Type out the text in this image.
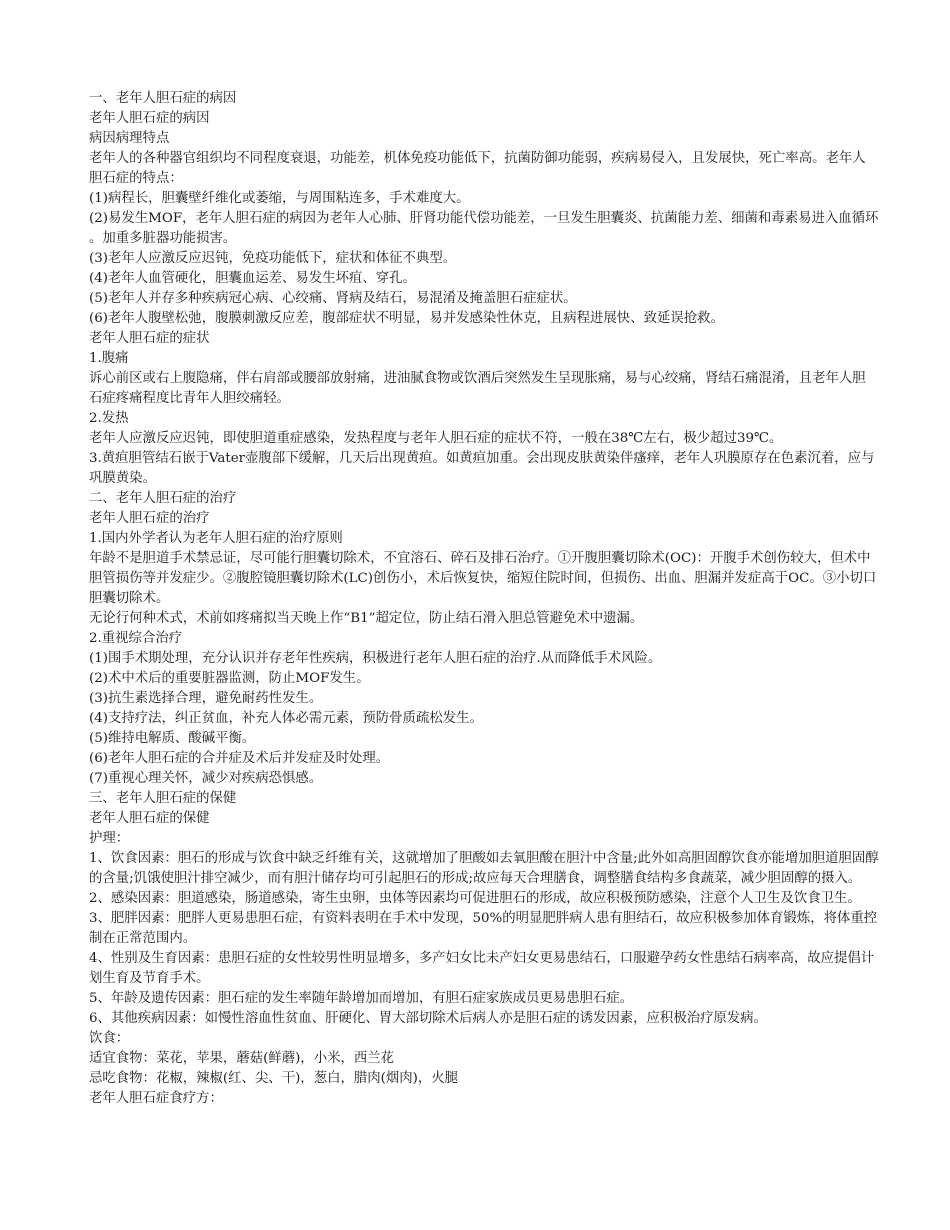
一、老年人胆石症的病因

老年人胆石症的病因

病因病理特点

老年人的各种器官组织均不同程度衰退，功能差，机体免疫功能低下，抗菌防御功能弱，疾病易侵入，且发展快，死亡率高。老年人胆石症的特点：

(1)病程长，胆囊壁纤维化或萎缩，与周围粘连多，手术难度大。

(2)易发生MOF，老年人胆石症的病因为老年人心肺、肝肾功能代偿功能差，一旦发生胆囊炎、抗菌能力差、细菌和毒素易进入血循环。加重多脏器功能损害。

(3)老年人应激反应迟钝，免疫功能低下，症状和体征不典型。

(4)老年人血管硬化，胆囊血运差、易发生坏疽、穿孔。

(5)老年人并存多种疾病冠心病、心绞痛、肾病及结石，易混淆及掩盖胆石症症状。

(6)老年人腹壁松弛，腹膜刺激反应差，腹部症状不明显，易并发感染性休克，且病程进展快、致延误抢救。

老年人胆石症的症状

1.腹痛

诉心前区或右上腹隐痛，伴右肩部或腰部放射痛，进油腻食物或饮酒后突然发生呈现胀痛，易与心绞痛，肾结石痛混淆，且老年人胆石症疼痛程度比青年人胆绞痛轻。

2.发热

老年人应激反应迟钝，即使胆道重症感染，发热程度与老年人胆石症的症状不符，一般在38℃左右，极少超过39℃。

3.黄疸胆管结石嵌于Vater壶腹部下缓解，几天后出现黄疸。如黄疸加重。会出现皮肤黄染伴瘙痒，老年人巩膜原存在色素沉着，应与巩膜黄染。

二、老年人胆石症的治疗

老年人胆石症的治疗

1.国内外学者认为老年人胆石症的治疗原则

年龄不是胆道手术禁忌证，尽可能行胆囊切除术，不宜溶石、碎石及排石治疗。①开腹胆囊切除术(OC)：开腹手术创伤较大，但术中胆管损伤等并发症少。②腹腔镜胆囊切除术(LC)创伤小，术后恢复快，缩短住院时间，但损伤、出血、胆漏并发症高于OC。③小切口胆囊切除术。

无论行何种术式，术前如疼痛拟当天晚上作“B1”超定位，防止结石滑入胆总管避免术中遗漏。

2.重视综合治疗

(1)围手术期处理，充分认识并存老年性疾病，积极进行老年人胆石症的治疗.从而降低手术风险。

(2)术中术后的重要脏器监测，防止MOF发生。

(3)抗生素选择合理，避免耐药性发生。

(4)支持疗法，纠正贫血，补充人体必需元素，预防骨质疏松发生。

(5)维持电解质、酸碱平衡。

(6)老年人胆石症的合并症及术后并发症及时处理。

(7)重视心理关怀，减少对疾病恐惧感。

三、老年人胆石症的保健

老年人胆石症的保健

护理：

1、饮食因素：胆石的形成与饮食中缺乏纤维有关，这就增加了胆酸如去氧胆酸在胆汁中含量;此外如高胆固醇饮食亦能增加胆道胆固醇的含量;饥饿使胆汁排空减少，而有胆汁储存均可引起胆石的形成;故应每天合理膳食，调整膳食结构多食蔬菜，减少胆固醇的摄入。

2、感染因素：胆道感染，肠道感染，寄生虫卵，虫体等因素均可促进胆石的形成，故应积极预防感染，注意个人卫生及饮食卫生。

3、肥胖因素：肥胖人更易患胆石症，有资料表明在手术中发现，50%的明显肥胖病人患有胆结石，故应积极参加体育锻炼，将体重控制在正常范围内。

4、性别及生育因素：患胆石症的女性较男性明显增多，多产妇女比未产妇女更易患结石，口服避孕药女性患结石病率高，故应提倡计划生育及节育手术。

5、年龄及遗传因素：胆石症的发生率随年龄增加而增加，有胆石症家族成员更易患胆石症。

6、其他疾病因素：如慢性溶血性贫血、肝硬化、胃大部切除术后病人亦是胆石症的诱发因素，应积极治疗原发病。

饮食：

适宜食物：菜花，苹果，蘑菇(鲜蘑)，小米，西兰花

忌吃食物：花椒，辣椒(红、尖、干)，葱白，腊肉(烟肉)，火腿

老年人胆石症食疗方：
